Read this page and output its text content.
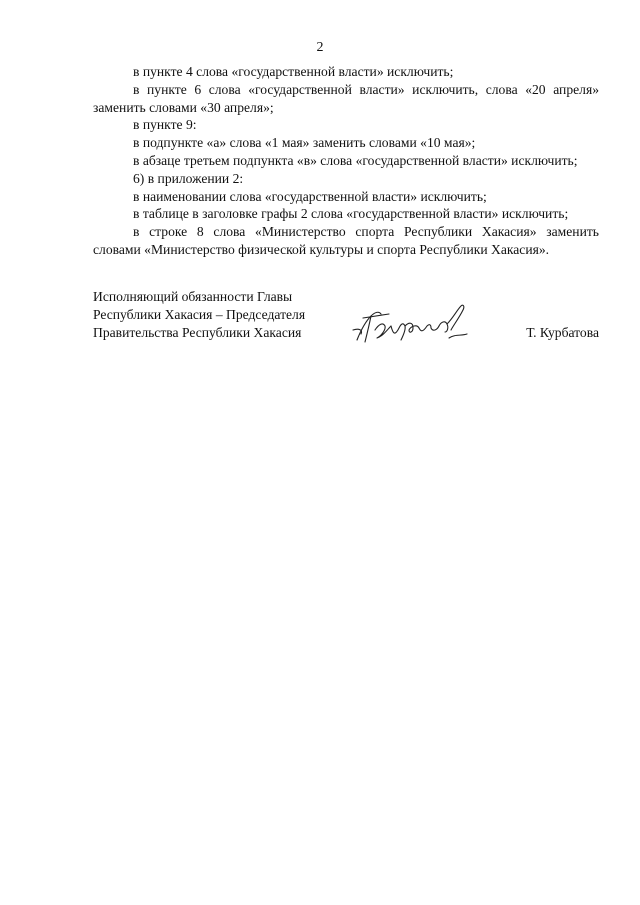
2

в пункте 4 слова «государственной власти» исключить;

в пункте 6 слова «государственной власти» исключить, слова «20 апреля» заменить словами «30 апреля»;

в пункте 9:

в подпункте «а» слова «1 мая» заменить словами «10 мая»;

в абзаце третьем подпункта «в» слова «государственной власти» исключить;

6) в приложении 2:

в наименовании слова «государственной власти» исключить;

в таблице в заголовке графы 2 слова «государственной власти» исключить;

в строке 8 слова «Министерство спорта Республики Хакасия» заменить словами «Министерство физической культуры и спорта Республики Хакасия».

Исполняющий обязанности Главы
Республики Хакасия – Председателя
Правительства Республики Хакасия	Т. Курбатова
